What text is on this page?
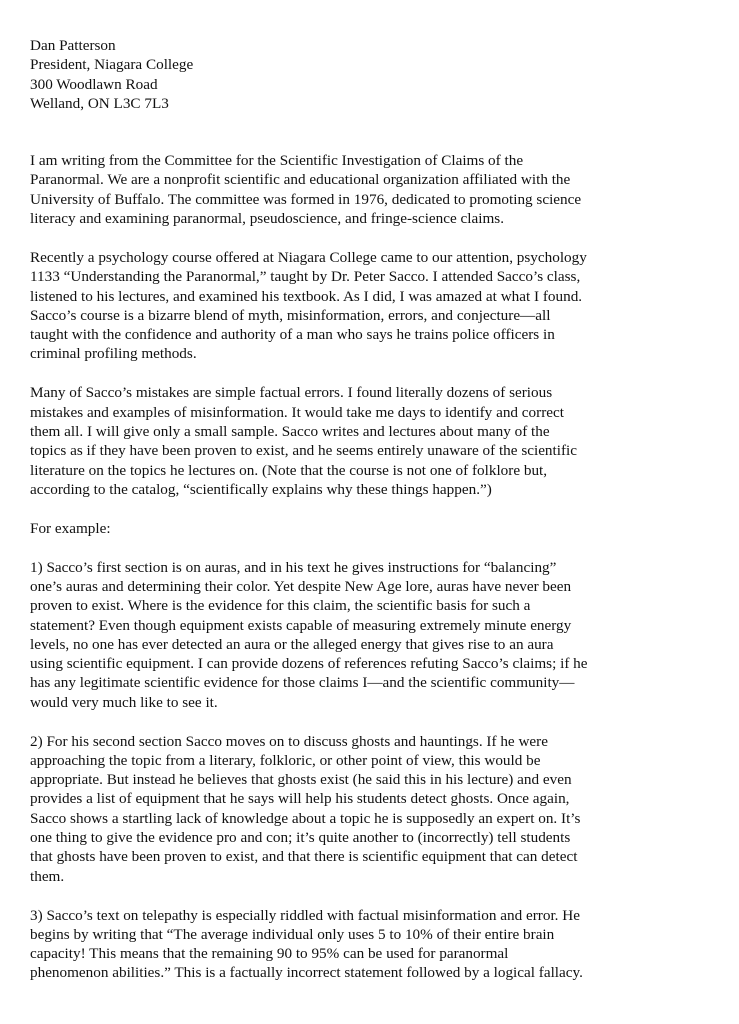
Dan Patterson
President, Niagara College
300 Woodlawn Road
Welland, ON L3C 7L3
I am writing from the Committee for the Scientific Investigation of Claims of the
Paranormal. We are a nonprofit scientific and educational organization affiliated with the
University of Buffalo. The committee was formed in 1976, dedicated to promoting science
literacy and examining paranormal, pseudoscience, and fringe-science claims.
Recently a psychology course offered at Niagara College came to our attention, psychology
1133 “Understanding the Paranormal,” taught by Dr. Peter Sacco. I attended Sacco’s class,
listened to his lectures, and examined his textbook. As I did, I was amazed at what I found.
Sacco’s course is a bizarre blend of myth, misinformation, errors, and conjecture—all
taught with the confidence and authority of a man who says he trains police officers in
criminal profiling methods.
Many of Sacco’s mistakes are simple factual errors. I found literally dozens of serious
mistakes and examples of misinformation. It would take me days to identify and correct
them all. I will give only a small sample. Sacco writes and lectures about many of the
topics as if they have been proven to exist, and he seems entirely unaware of the scientific
literature on the topics he lectures on. (Note that the course is not one of folklore but,
according to the catalog, “scientifically explains why these things happen.”)
For example:
1) Sacco’s first section is on auras, and in his text he gives instructions for “balancing”
one’s auras and determining their color. Yet despite New Age lore, auras have never been
proven to exist. Where is the evidence for this claim, the scientific basis for such a
statement? Even though equipment exists capable of measuring extremely minute energy
levels, no one has ever detected an aura or the alleged energy that gives rise to an aura
using scientific equipment. I can provide dozens of references refuting Sacco’s claims; if he
has any legitimate scientific evidence for those claims I—and the scientific community—
would very much like to see it.
2) For his second section Sacco moves on to discuss ghosts and hauntings. If he were
approaching the topic from a literary, folkloric, or other point of view, this would be
appropriate. But instead he believes that ghosts exist (he said this in his lecture) and even
provides a list of equipment that he says will help his students detect ghosts. Once again,
Sacco shows a startling lack of knowledge about a topic he is supposedly an expert on. It’s
one thing to give the evidence pro and con; it’s quite another to (incorrectly) tell students
that ghosts have been proven to exist, and that there is scientific equipment that can detect
them.
3) Sacco’s text on telepathy is especially riddled with factual misinformation and error. He
begins by writing that “The average individual only uses 5 to 10% of their entire brain
capacity! This means that the remaining 90 to 95% can be used for paranormal
phenomenon abilities.” This is a factually incorrect statement followed by a logical fallacy.
